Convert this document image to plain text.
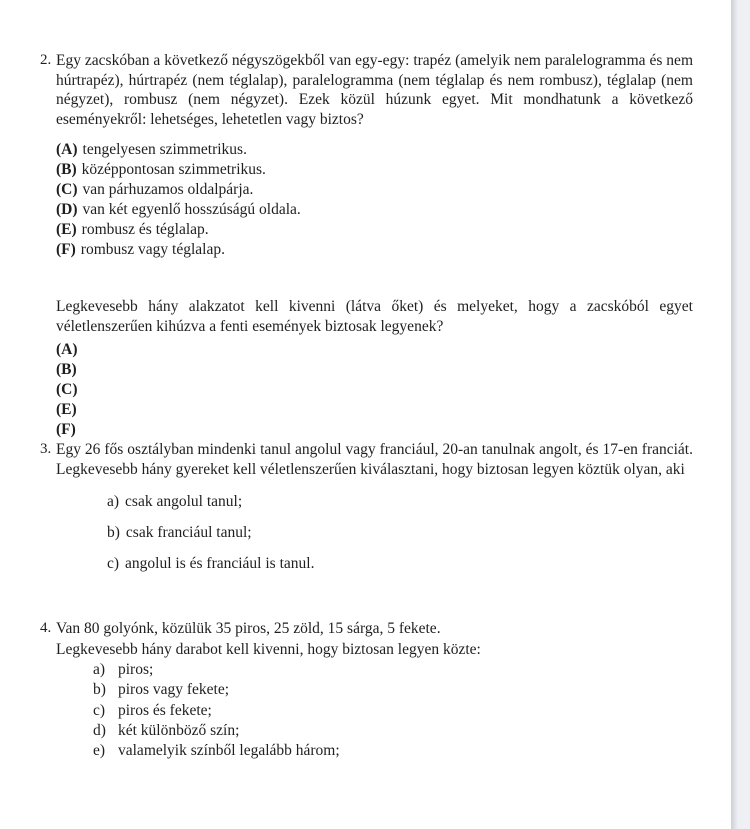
2. Egy zacskóban a következő négyszögekből van egy-egy: trapéz (amelyik nem paralelogramma és nem húrtrapéz), húrtrapéz (nem téglalap), paralelogramma (nem téglalap és nem rombusz), téglalap (nem négyzet), rombusz (nem négyzet). Ezek közül húzunk egyet. Mit mondhatunk a következő eseményekről: lehetséges, lehetetlen vagy biztos?

(A) tengelyesen szimmetrikus.
(B) középpontosan szimmetrikus.
(C) van párhuzamos oldalpárja.
(D) van két egyenlő hosszúságú oldala.
(E) rombusz és téglalap.
(F) rombusz vagy téglalap.

Legkevesebb hány alakzatot kell kivenni (látva őket) és melyeket, hogy a zacskóból egyet véletlenszerűen kihúzva a fenti események biztosak legyenek?

(A)
(B)
(C)
(E)
(F)
3. Egy 26 fős osztályban mindenki tanul angolul vagy franciául, 20-an tanulnak angolt, és 17-en franciát. Legkevesebb hány gyereket kell véletlenszerűen kiválasztani, hogy biztosan legyen köztük olyan, aki

a) csak angolul tanul;
b) csak franciául tanul;
c) angolul is és franciául is tanul.
4. Van 80 golyónk, közülük 35 piros, 25 zöld, 15 sárga, 5 fekete.
Legkevesebb hány darabot kell kivenni, hogy biztosan legyen közte:
a) piros;
b) piros vagy fekete;
c) piros és fekete;
d) két különböző szín;
e) valamelyik színből legalább három;
